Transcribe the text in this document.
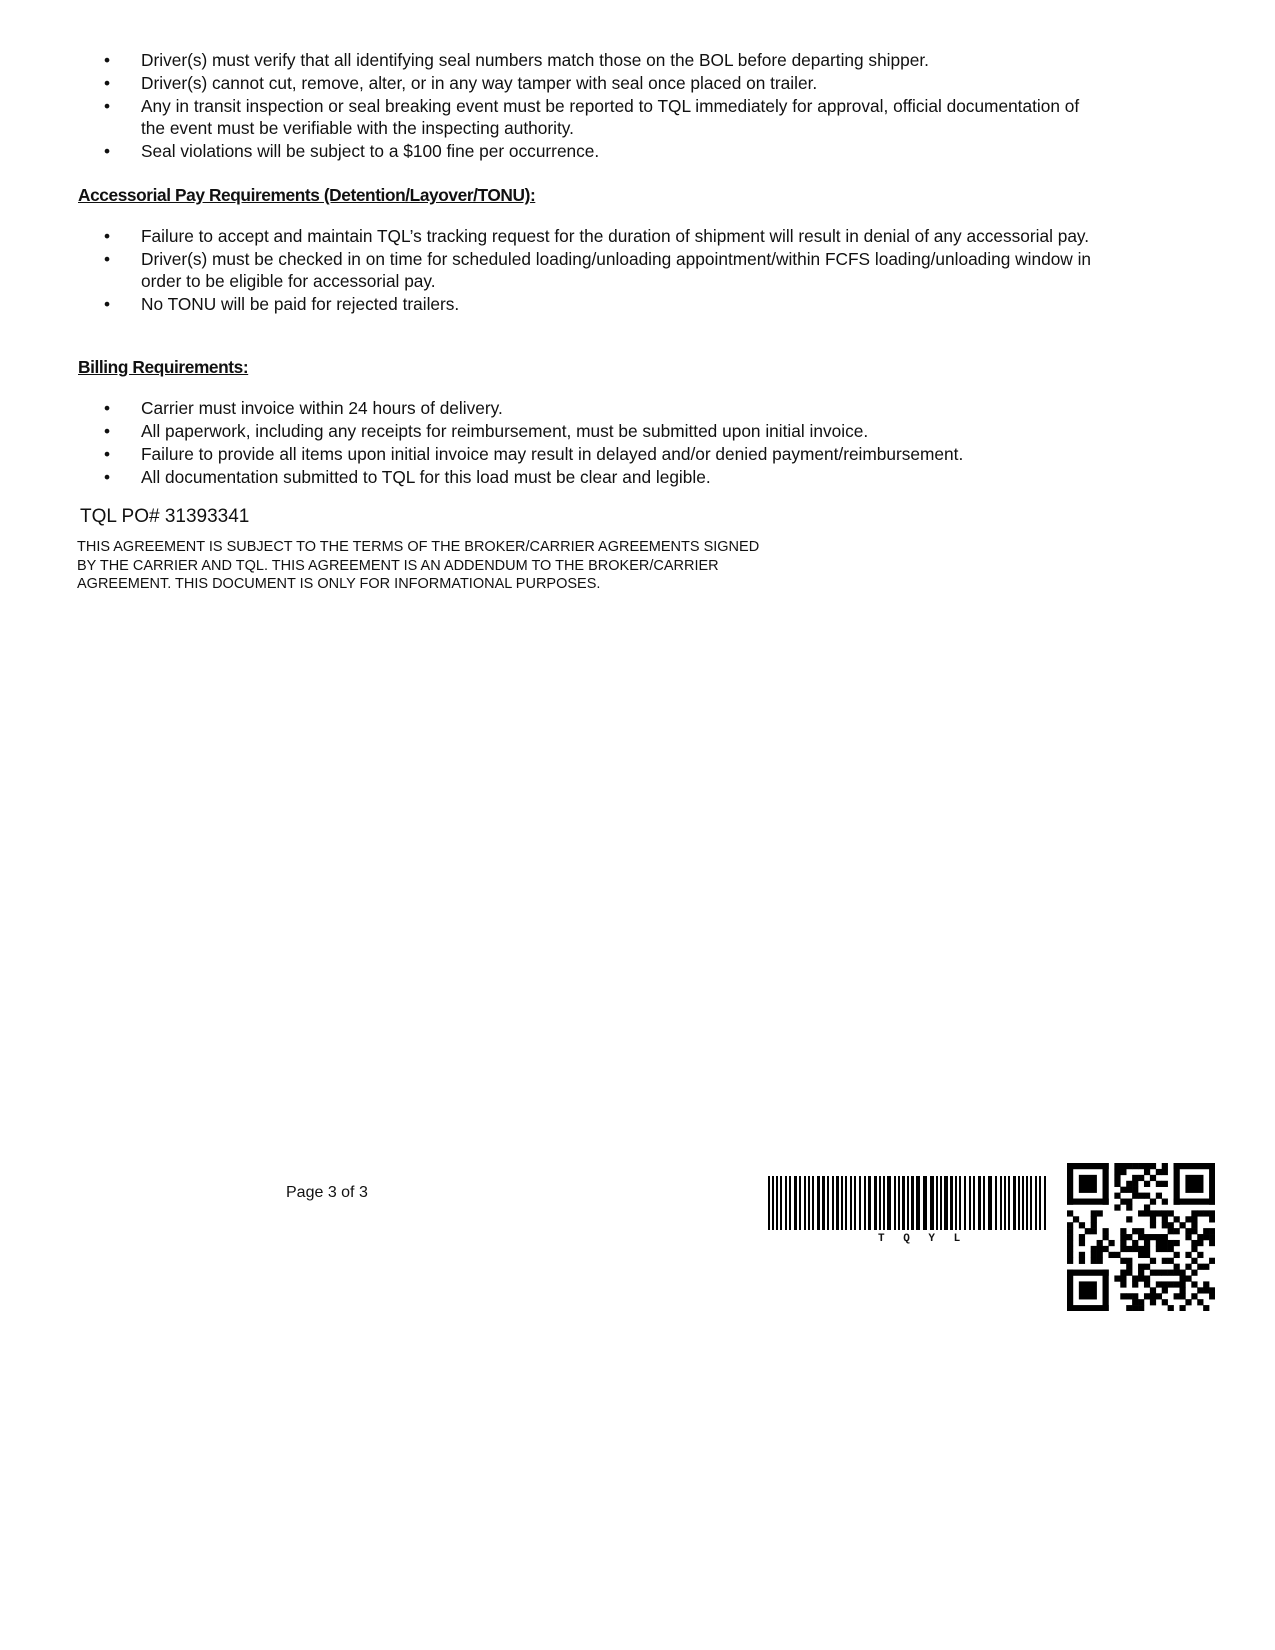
• Driver(s) must verify that all identifying seal numbers match those on the BOL before departing shipper.
• Driver(s) cannot cut, remove, alter, or in any way tamper with seal once placed on trailer.
• Any in transit inspection or seal breaking event must be reported to TQL immediately for approval, official documentation of the event must be verifiable with the inspecting authority.
• Seal violations will be subject to a $100 fine per occurrence.
Accessorial Pay Requirements (Detention/Layover/TONU):
• Failure to accept and maintain TQL’s tracking request for the duration of shipment will result in denial of any accessorial pay.
• Driver(s) must be checked in on time for scheduled loading/unloading appointment/within FCFS loading/unloading window in order to be eligible for accessorial pay.
• No TONU will be paid for rejected trailers.
Billing Requirements:
• Carrier must invoice within 24 hours of delivery.
• All paperwork, including any receipts for reimbursement, must be submitted upon initial invoice.
• Failure to provide all items upon initial invoice may result in delayed and/or denied payment/reimbursement.
• All documentation submitted to TQL for this load must be clear and legible.
TQL PO# 31393341
THIS AGREEMENT IS SUBJECT TO THE TERMS OF THE BROKER/CARRIER AGREEMENTS SIGNED BY THE CARRIER AND TQL. THIS AGREEMENT IS AN ADDENDUM TO THE BROKER/CARRIER AGREEMENT. THIS DOCUMENT IS ONLY FOR INFORMATIONAL PURPOSES.
Page 3 of 3
T Q Y L
